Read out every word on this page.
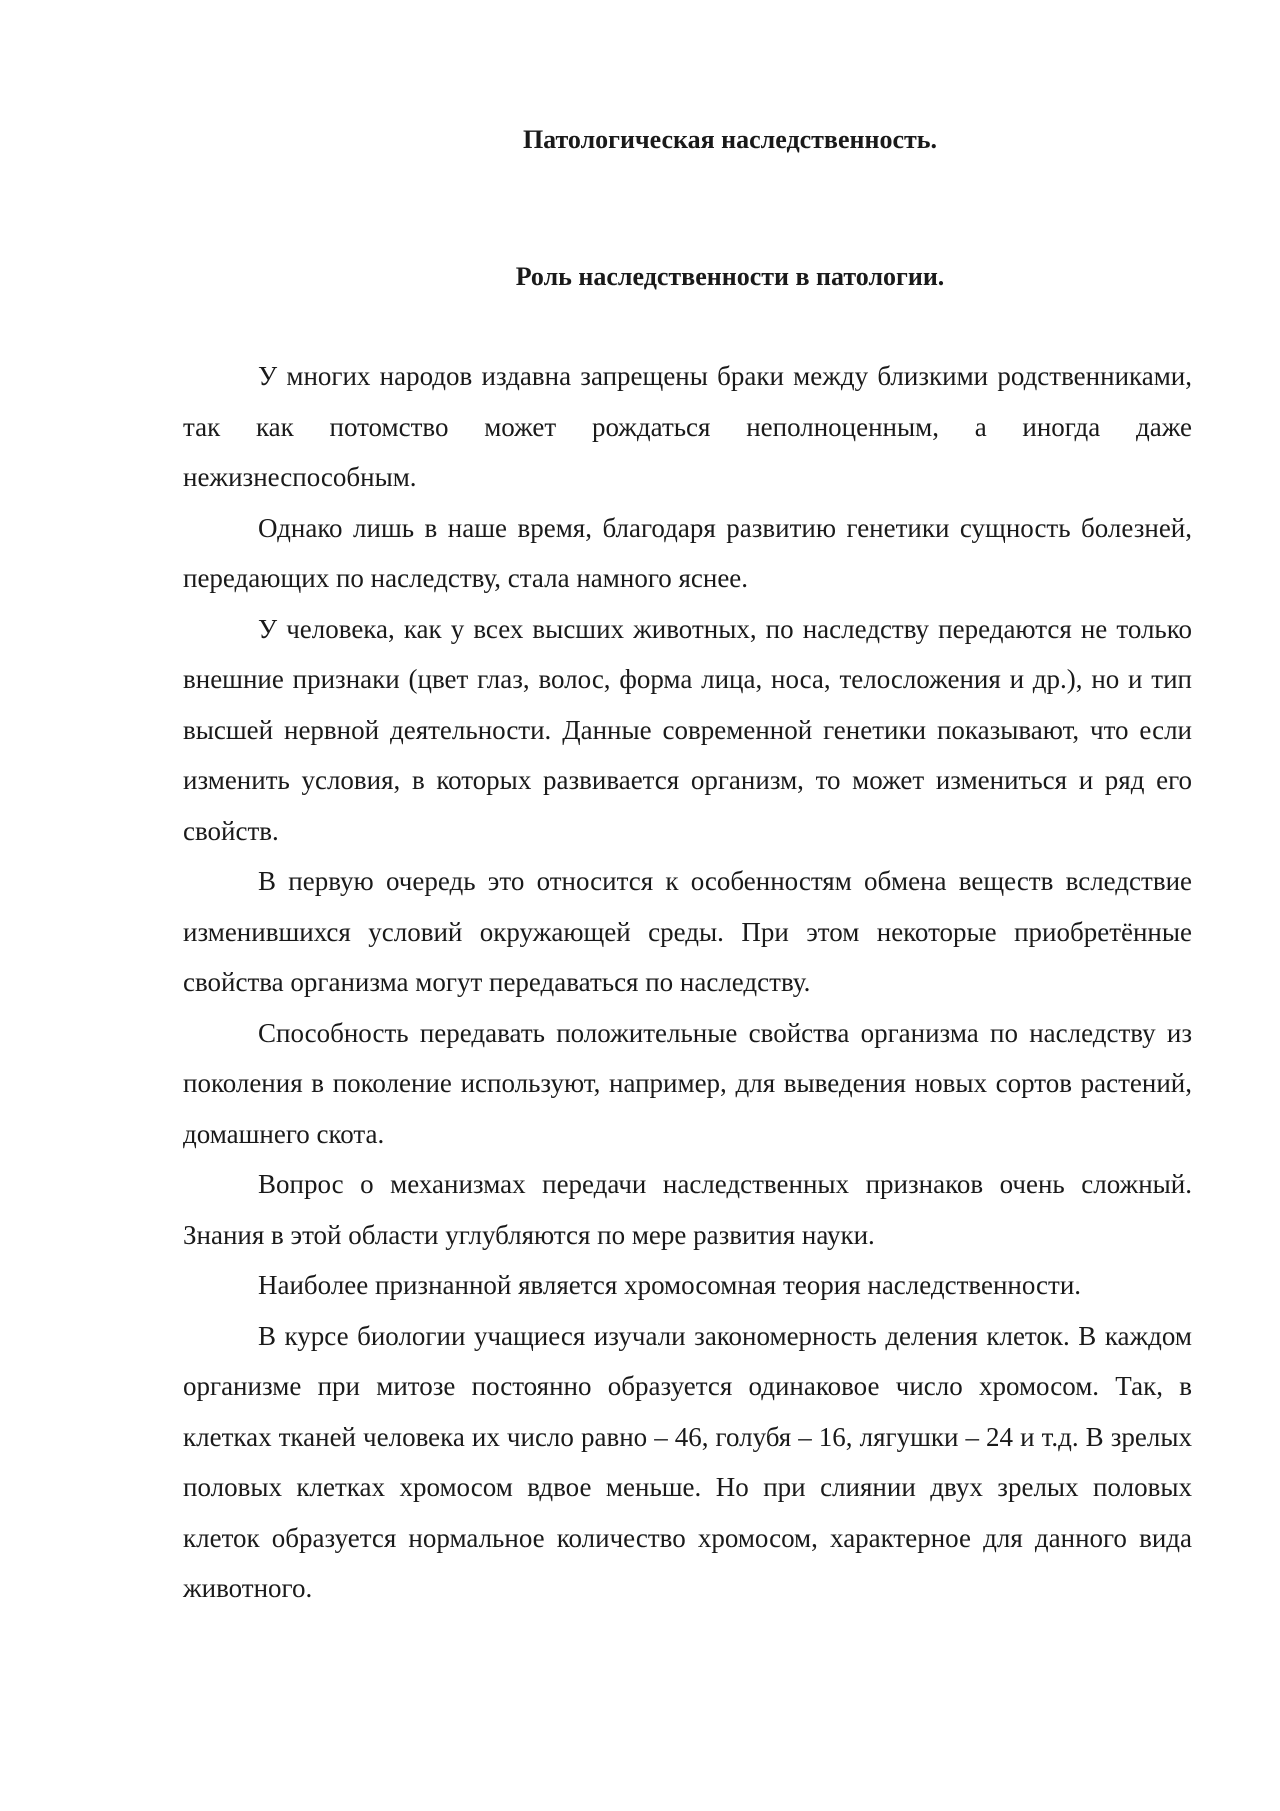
Патологическая наследственность.
Роль наследственности в патологии.

У многих народов издавна запрещены браки между близкими родственниками, так как потомство может рождаться неполноценным, а иногда даже нежизнеспособным.

Однако лишь в наше время, благодаря развитию генетики сущность болезней, передающих по наследству, стала намного яснее.

У человека, как у всех высших животных, по наследству передаются не только внешние признаки (цвет глаз, волос, форма лица, носа, телосложения и др.), но и тип высшей нервной деятельности. Данные современной генетики показывают, что если изменить условия, в которых развивается организм, то может измениться и ряд его свойств.

В первую очередь это относится к особенностям обмена веществ вследствие изменившихся условий окружающей среды. При этом некоторые приобретённые свойства организма могут передаваться по наследству.

Способность передавать положительные свойства организма по наследству из поколения в поколение используют, например, для выведения новых сортов растений, домашнего скота.

Вопрос о механизмах передачи наследственных признаков очень сложный. Знания в этой области углубляются по мере развития науки.

Наиболее признанной является хромосомная теория наследственности.

В курсе биологии учащиеся изучали закономерность деления клеток. В каждом организме при митозе постоянно образуется одинаковое число хромосом. Так, в клетках тканей человека их число равно – 46, голубя – 16, лягушки – 24 и т.д. В зрелых половых клетках хромосом вдвое меньше. Но при слиянии двух зрелых половых клеток образуется нормальное количество хромосом, характерное для данного вида животного.
